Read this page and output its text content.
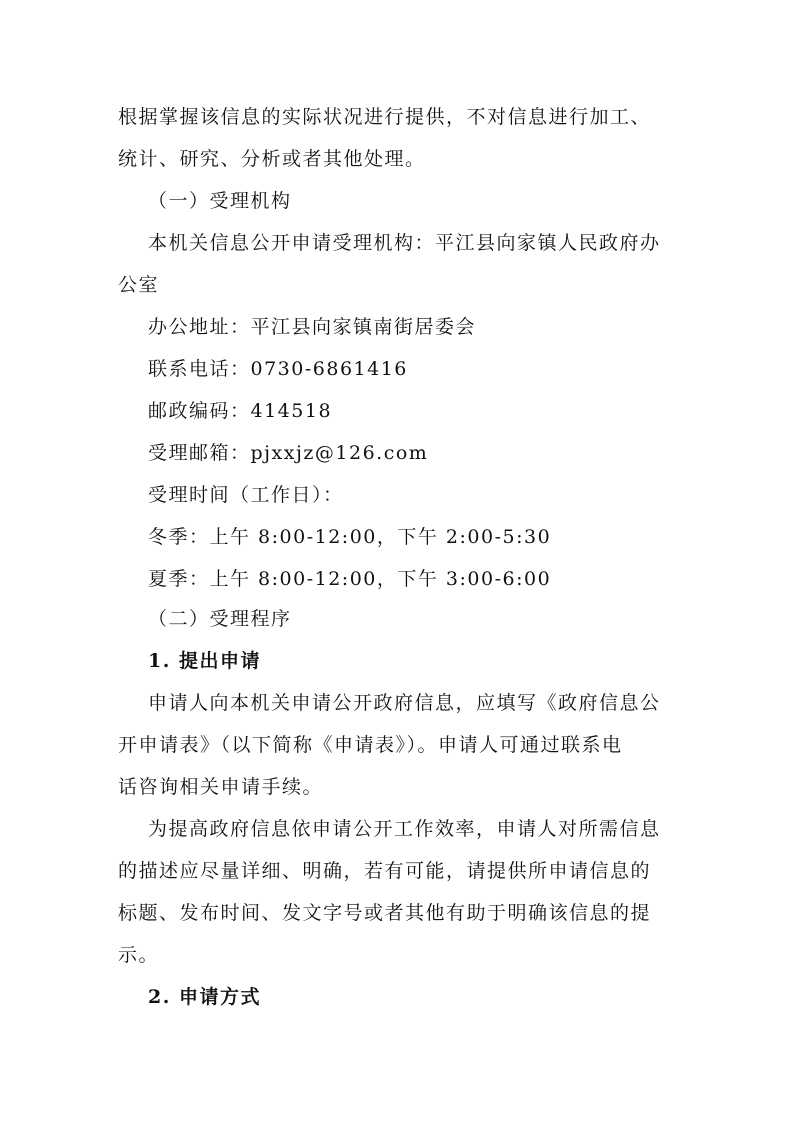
根据掌握该信息的实际状况进行提供，不对信息进行加工、
统计、研究、分析或者其他处理。
（一）受理机构
本机关信息公开申请受理机构：平江县向家镇人民政府办
公室
办公地址：平江县向家镇南街居委会
联系电话：0730-6861416
邮政编码：414518
受理邮箱：pjxxjz@126.com
受理时间（工作日）：
冬季：上午 8:00-12:00，下午 2:00-5:30
夏季：上午 8:00-12:00，下午 3:00-6:00
（二）受理程序
1. 提出申请
申请人向本机关申请公开政府信息，应填写《政府信息公
开申请表》（以下简称《申请表》）。申请人可通过联系电
话咨询相关申请手续。
为提高政府信息依申请公开工作效率，申请人对所需信息
的描述应尽量详细、明确，若有可能，请提供所申请信息的
标题、发布时间、发文字号或者其他有助于明确该信息的提
示。
2. 申请方式
